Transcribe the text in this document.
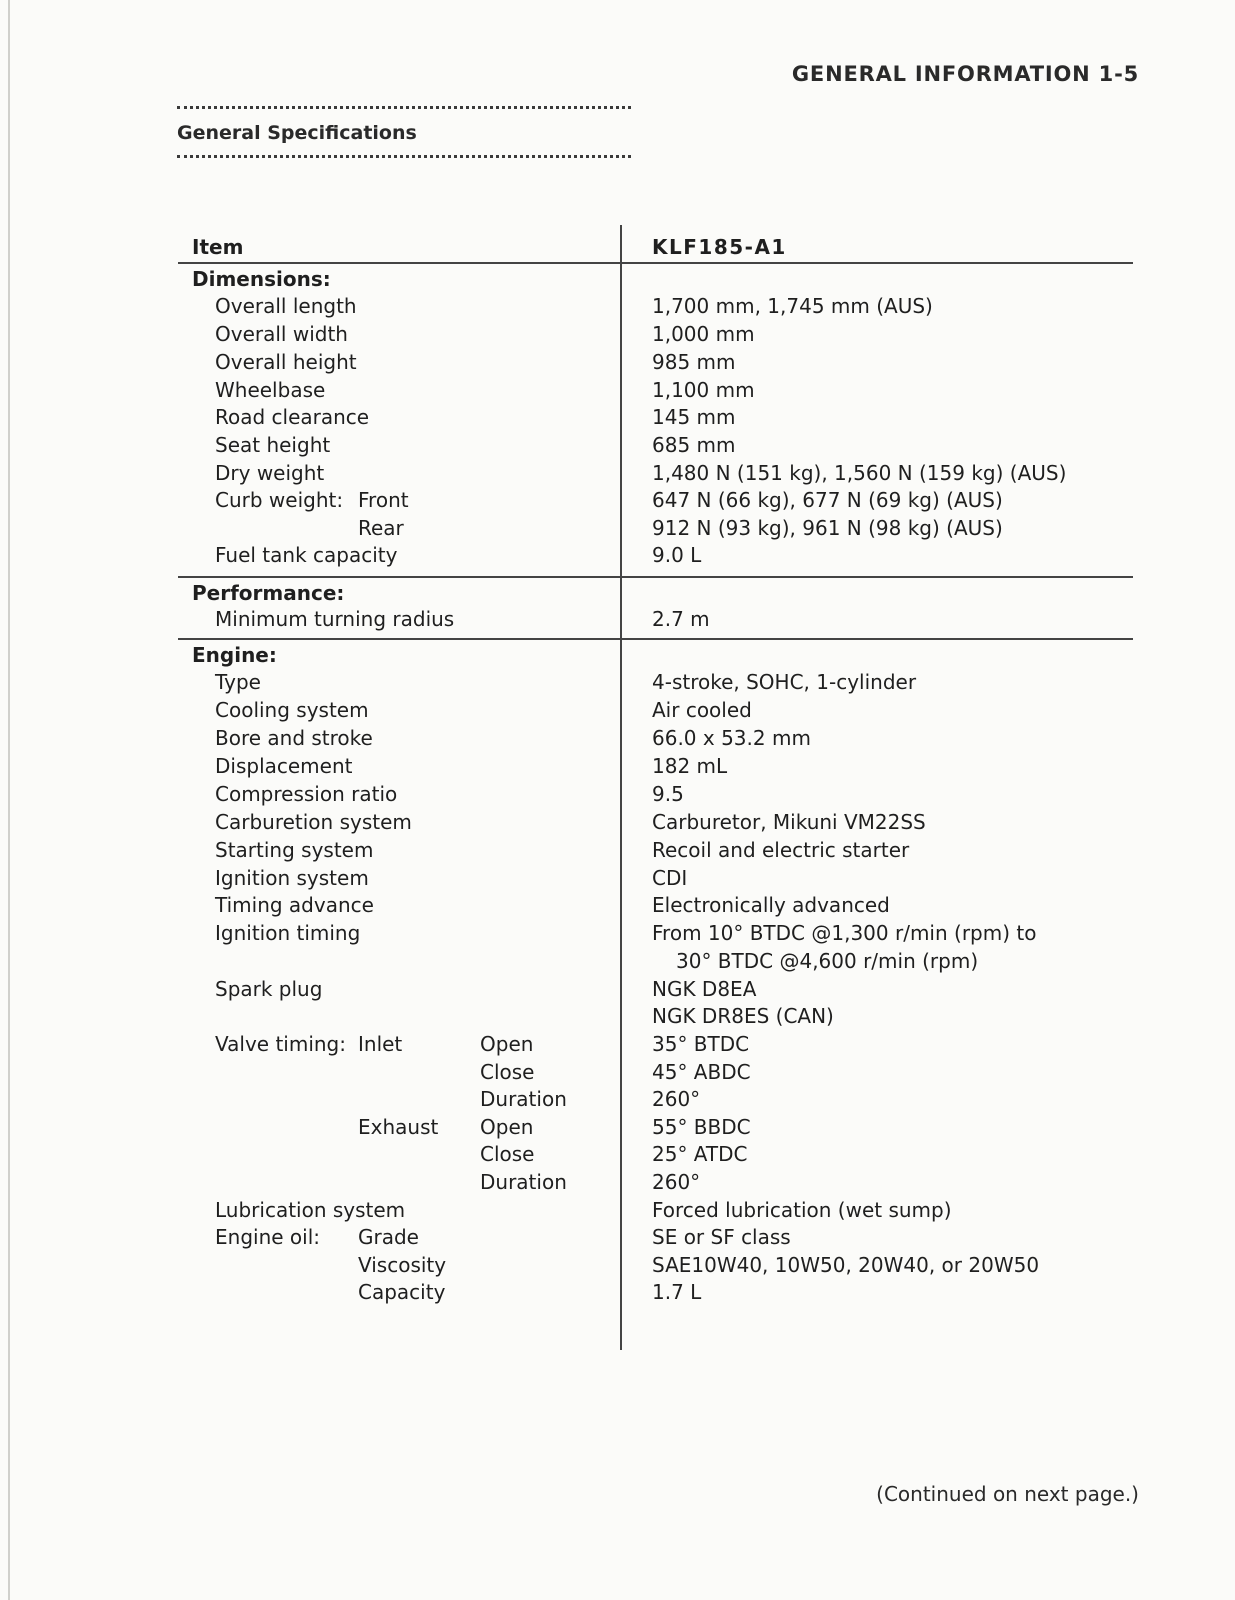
GENERAL INFORMATION 1-5
General Specifications
Item	KLF185-A1
Dimensions:
Overall length	1,700 mm, 1,745 mm (AUS)
Overall width	1,000 mm
Overall height	985 mm
Wheelbase	1,100 mm
Road clearance	145 mm
Seat height	685 mm
Dry weight	1,480 N (151 kg), 1,560 N (159 kg) (AUS)
Curb weight: Front	647 N (66 kg), 677 N (69 kg) (AUS)
Rear	912 N (93 kg), 961 N (98 kg) (AUS)
Fuel tank capacity	9.0 L
Performance:
Minimum turning radius	2.7 m
Engine:
Type	4-stroke, SOHC, 1-cylinder
Cooling system	Air cooled
Bore and stroke	66.0 x 53.2 mm
Displacement	182 mL
Compression ratio	9.5
Carburetion system	Carburetor, Mikuni VM22SS
Starting system	Recoil and electric starter
Ignition system	CDI
Timing advance	Electronically advanced
Ignition timing	From 10° BTDC @1,300 r/min (rpm) to
30° BTDC @4,600 r/min (rpm)
Spark plug	NGK D8EA
NGK DR8ES (CAN)
Valve timing: Inlet	Open	35° BTDC
Close	45° ABDC
Duration	260°
Exhaust Open	55° BBDC
Close	25° ATDC
Duration	260°
Lubrication system	Forced lubrication (wet sump)
Engine oil: Grade	SE or SF class
Viscosity	SAE10W40, 10W50, 20W40, or 20W50
Capacity	1.7 L
(Continued on next page.)
